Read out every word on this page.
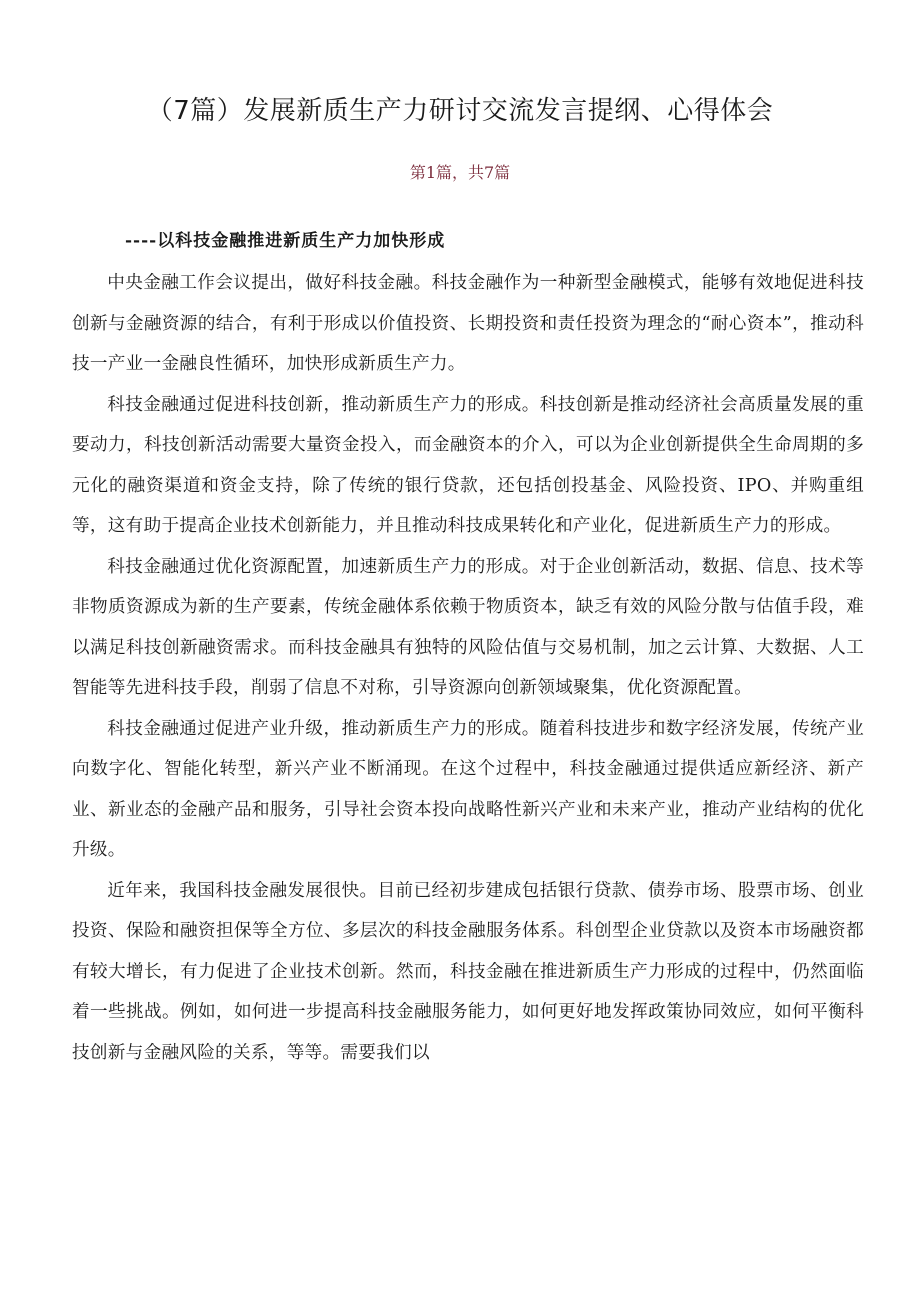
（7篇）发展新质生产力研讨交流发言提纲、心得体会

第1篇，共7篇

----以科技金融推进新质生产力加快形成

中央金融工作会议提出，做好科技金融。科技金融作为一种新型金融模式，能够有效地促进科技创新与金融资源的结合，有利于形成以价值投资、长期投资和责任投资为理念的“耐心资本”，推动科技一产业一金融良性循环，加快形成新质生产力。

科技金融通过促进科技创新，推动新质生产力的形成。科技创新是推动经济社会高质量发展的重要动力，科技创新活动需要大量资金投入，而金融资本的介入，可以为企业创新提供全生命周期的多元化的融资渠道和资金支持，除了传统的银行贷款，还包括创投基金、风险投资、IPO、并购重组等，这有助于提高企业技术创新能力，并且推动科技成果转化和产业化，促进新质生产力的形成。

科技金融通过优化资源配置，加速新质生产力的形成。对于企业创新活动，数据、信息、技术等非物质资源成为新的生产要素，传统金融体系依赖于物质资本，缺乏有效的风险分散与估值手段，难以满足科技创新融资需求。而科技金融具有独特的风险估值与交易机制，加之云计算、大数据、人工智能等先进科技手段，削弱了信息不对称，引导资源向创新领域聚集，优化资源配置。

科技金融通过促进产业升级，推动新质生产力的形成。随着科技进步和数字经济发展，传统产业向数字化、智能化转型，新兴产业不断涌现。在这个过程中，科技金融通过提供适应新经济、新产业、新业态的金融产品和服务，引导社会资本投向战略性新兴产业和未来产业，推动产业结构的优化升级。

近年来，我国科技金融发展很快。目前已经初步建成包括银行贷款、债券市场、股票市场、创业投资、保险和融资担保等全方位、多层次的科技金融服务体系。科创型企业贷款以及资本市场融资都有较大增长，有力促进了企业技术创新。然而，科技金融在推进新质生产力形成的过程中，仍然面临着一些挑战。例如，如何进一步提高科技金融服务能力，如何更好地发挥政策协同效应，如何平衡科技创新与金融风险的关系，等等。需要我们以
